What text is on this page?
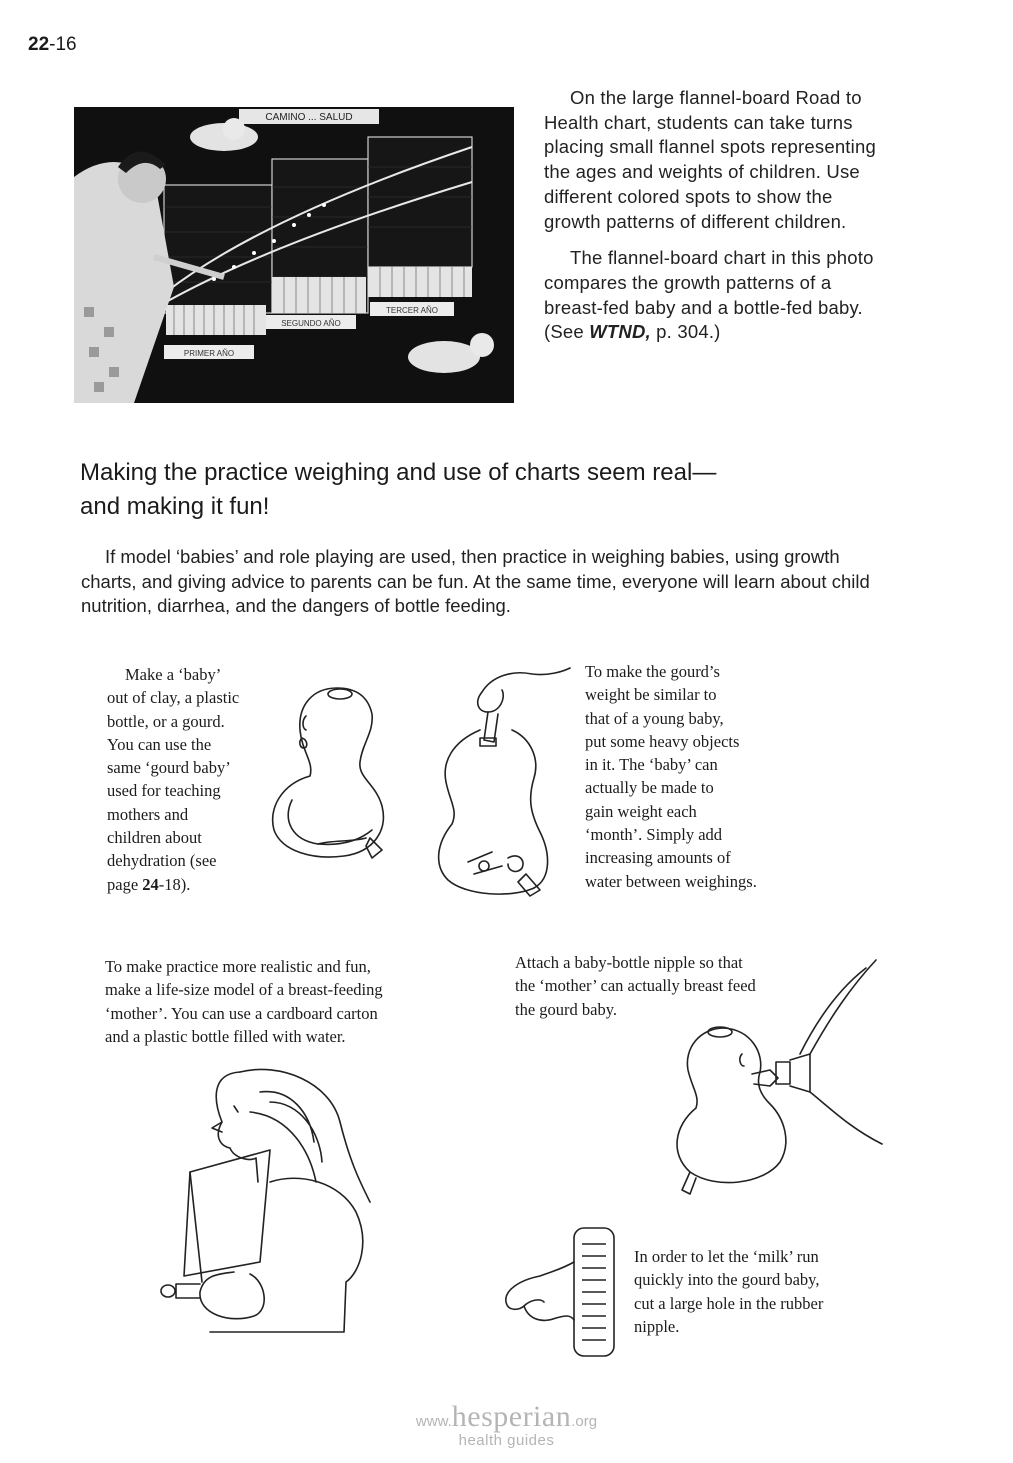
22-16
CAMINO ... SALUD
PRIMER AÑO
SEGUNDO AÑO
TERCER AÑO

On the large flannel-board Road to Health chart, students can take turns placing small flannel spots representing the ages and weights of children. Use different colored spots to show the growth patterns of different children.

The flannel-board chart in this photo compares the growth patterns of a breast-fed baby and a bottle-fed baby. (See WTND, p. 304.)

Making the practice weighing and use of charts seem real—
and making it fun!

If model ‘babies’ and role playing are used, then practice in weighing babies, using growth charts, and giving advice to parents can be fun. At the same time, everyone will learn about child nutrition, diarrhea, and the dangers of bottle feeding.

Make a ‘baby’
out of clay, a plastic
bottle, or a gourd.
You can use the
same ‘gourd baby’
used for teaching
mothers and
children about
dehydration (see
page 24-18).
To make the gourd’s
weight be similar to
that of a young baby,
put some heavy objects
in it. The ‘baby’ can
actually be made to
gain weight each
‘month’. Simply add
increasing amounts of
water between weighings.
To make practice more realistic and fun,
make a life-size model of a breast-feeding
‘mother’. You can use a cardboard carton
and a plastic bottle filled with water.
Attach a baby-bottle nipple so that
the ‘mother’ can actually breast feed
the gourd baby.
In order to let the ‘milk’ run
quickly into the gourd baby,
cut a large hole in the rubber
nipple.
www.hesperian.org
health guides
